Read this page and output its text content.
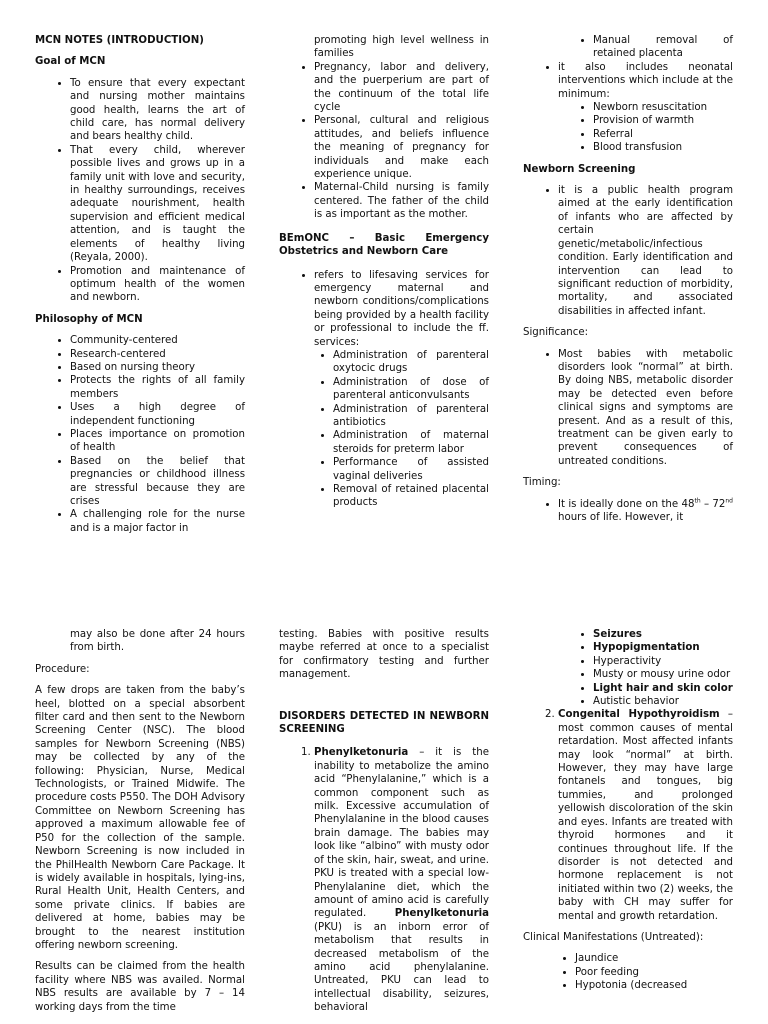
MCN NOTES (INTRODUCTION)

Goal of MCN

• To ensure that every expectant and nursing mother maintains good health, learns the art of child care, has normal delivery and bears healthy child.
• That every child, wherever possible lives and grows up in a family unit with love and security, in healthy surroundings, receives adequate nourishment, health supervision and efficient medical attention, and is taught the elements of healthy living (Reyala, 2000).
• Promotion and maintenance of optimum health of the women and newborn.

Philosophy of MCN

• Community-centered
• Research-centered
• Based on nursing theory
• Protects the rights of all family members
• Uses a high degree of independent functioning
• Places importance on promotion of health
• Based on the belief that pregnancies or childhood illness are stressful because they are crises
• A challenging role for the nurse and is a major factor in

promoting high level wellness in families

• Pregnancy, labor and delivery, and the puerperium are part of the continuum of the total life cycle
• Personal, cultural and religious attitudes, and beliefs influence the meaning of pregnancy for individuals and make each experience unique.
• Maternal-Child nursing is family centered. The father of the child is as important as the mother.

BEmONC – Basic Emergency Obstetrics and Newborn Care

• refers to lifesaving services for emergency maternal and newborn conditions/complications being provided by a health facility or professional to include the ff. services:
• Administration of parenteral oxytocic drugs
• Administration of dose of parenteral anticonvulsants
• Administration of parenteral antibiotics
• Administration of maternal steroids for preterm labor
• Performance of assisted vaginal deliveries
• Removal of retained placental products
• Manual removal of retained placenta
• it also includes neonatal interventions which include at the minimum:
• Newborn resuscitation
• Provision of warmth
• Referral
• Blood transfusion

Newborn Screening

• it is a public health program aimed at the early identification of infants who are affected by certain genetic/metabolic/infectious condition. Early identification and intervention can lead to significant reduction of morbidity, mortality, and associated disabilities in affected infant.

Significance:

• Most babies with metabolic disorders look “normal” at birth. By doing NBS, metabolic disorder may be detected even before clinical signs and symptoms are present. And as a result of this, treatment can be given early to prevent consequences of untreated conditions.

Timing:

• It is ideally done on the 48th – 72nd hours of life. However, it

may also be done after 24 hours from birth.

Procedure:

A few drops are taken from the baby’s heel, blotted on a special absorbent filter card and then sent to the Newborn Screening Center (NSC). The blood samples for Newborn Screening (NBS) may be collected by any of the following: Physician, Nurse, Medical Technologists, or Trained Midwife. The procedure costs P550. The DOH Advisory Committee on Newborn Screening has approved a maximum allowable fee of P50 for the collection of the sample. Newborn Screening is now included in the PhilHealth Newborn Care Package. It is widely available in hospitals, lying-ins, Rural Health Unit, Health Centers, and some private clinics. If babies are delivered at home, babies may be brought to the nearest institution offering newborn screening.

Results can be claimed from the health facility where NBS was availed. Normal NBS results are available by 7 – 14 working days from the time

testing. Babies with positive results maybe referred at once to a specialist for confirmatory testing and further management.

DISORDERS DETECTED IN NEWBORN SCREENING

1. Phenylketonuria – it is the inability to metabolize the amino acid “Phenylalanine,” which is a common component such as milk. Excessive accumulation of Phenylalanine in the blood causes brain damage. The babies may look like “albino” with musty odor of the skin, hair, sweat, and urine. PKU is treated with a special low-Phenylalanine diet, which the amount of amino acid is carefully regulated. Phenylketonuria (PKU) is an inborn error of metabolism that results in decreased metabolism of the amino acid phenylalanine. Untreated, PKU can lead to intellectual disability, seizures, behavioral
• Seizures
• Hypopigmentation
• Hyperactivity
• Musty or mousy urine odor
• Light hair and skin color
• Autistic behavior
2. Congenital Hypothyroidism – most common causes of mental retardation. Most affected infants may look “normal” at birth. However, they may have large fontanels and tongues, big tummies, and prolonged yellowish discoloration of the skin and eyes. Infants are treated with thyroid hormones and it continues throughout life. If the disorder is not detected and hormone replacement is not initiated within two (2) weeks, the baby with CH may suffer for mental and growth retardation.

Clinical Manifestations (Untreated):

• Jaundice
• Poor feeding
• Hypotonia (decreased
